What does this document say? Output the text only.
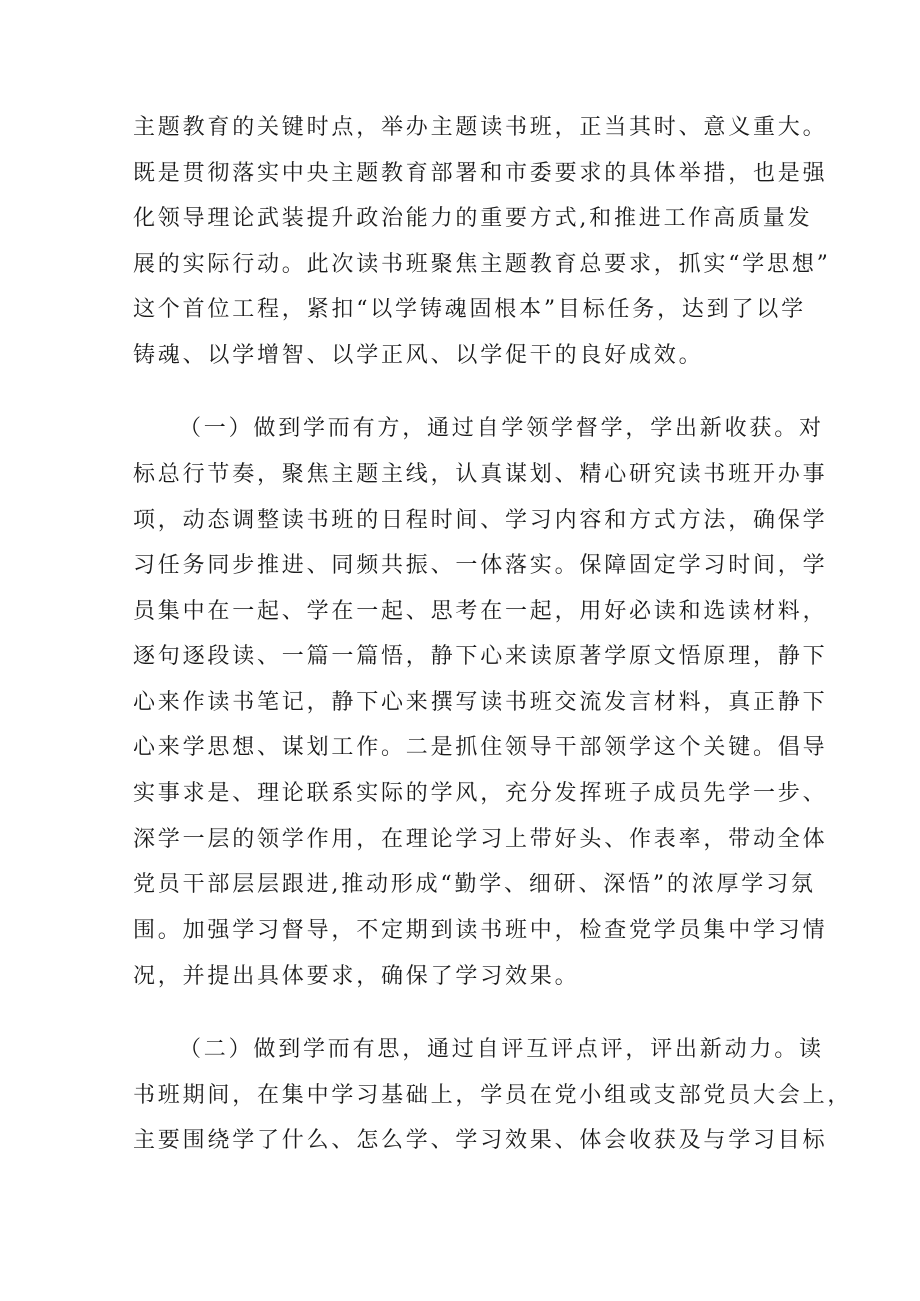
主题教育的关键时点，举办主题读书班，正当其时、意义重大。
既是贯彻落实中央主题教育部署和市委要求的具体举措，也是强
化领导理论武装提升政治能力的重要方式,和推进工作高质量发
展的实际行动。此次读书班聚焦主题教育总要求，抓实“学思想”
这个首位工程，紧扣“以学铸魂固根本”目标任务，达到了以学
铸魂、以学增智、以学正风、以学促干的良好成效。
（一）做到学而有方，通过自学领学督学，学出新收获。对
标总行节奏，聚焦主题主线，认真谋划、精心研究读书班开办事
项，动态调整读书班的日程时间、学习内容和方式方法，确保学
习任务同步推进、同频共振、一体落实。保障固定学习时间，学
员集中在一起、学在一起、思考在一起，用好必读和选读材料，
逐句逐段读、一篇一篇悟，静下心来读原著学原文悟原理，静下
心来作读书笔记，静下心来撰写读书班交流发言材料，真正静下
心来学思想、谋划工作。二是抓住领导干部领学这个关键。倡导
实事求是、理论联系实际的学风，充分发挥班子成员先学一步、
深学一层的领学作用，在理论学习上带好头、作表率，带动全体
党员干部层层跟进,推动形成“勤学、细研、深悟”的浓厚学习氛
围。加强学习督导，不定期到读书班中，检查党学员集中学习情
况，并提出具体要求，确保了学习效果。
（二）做到学而有思，通过自评互评点评，评出新动力。读
书班期间，在集中学习基础上，学员在党小组或支部党员大会上，
主要围绕学了什么、怎么学、学习效果、体会收获及与学习目标
